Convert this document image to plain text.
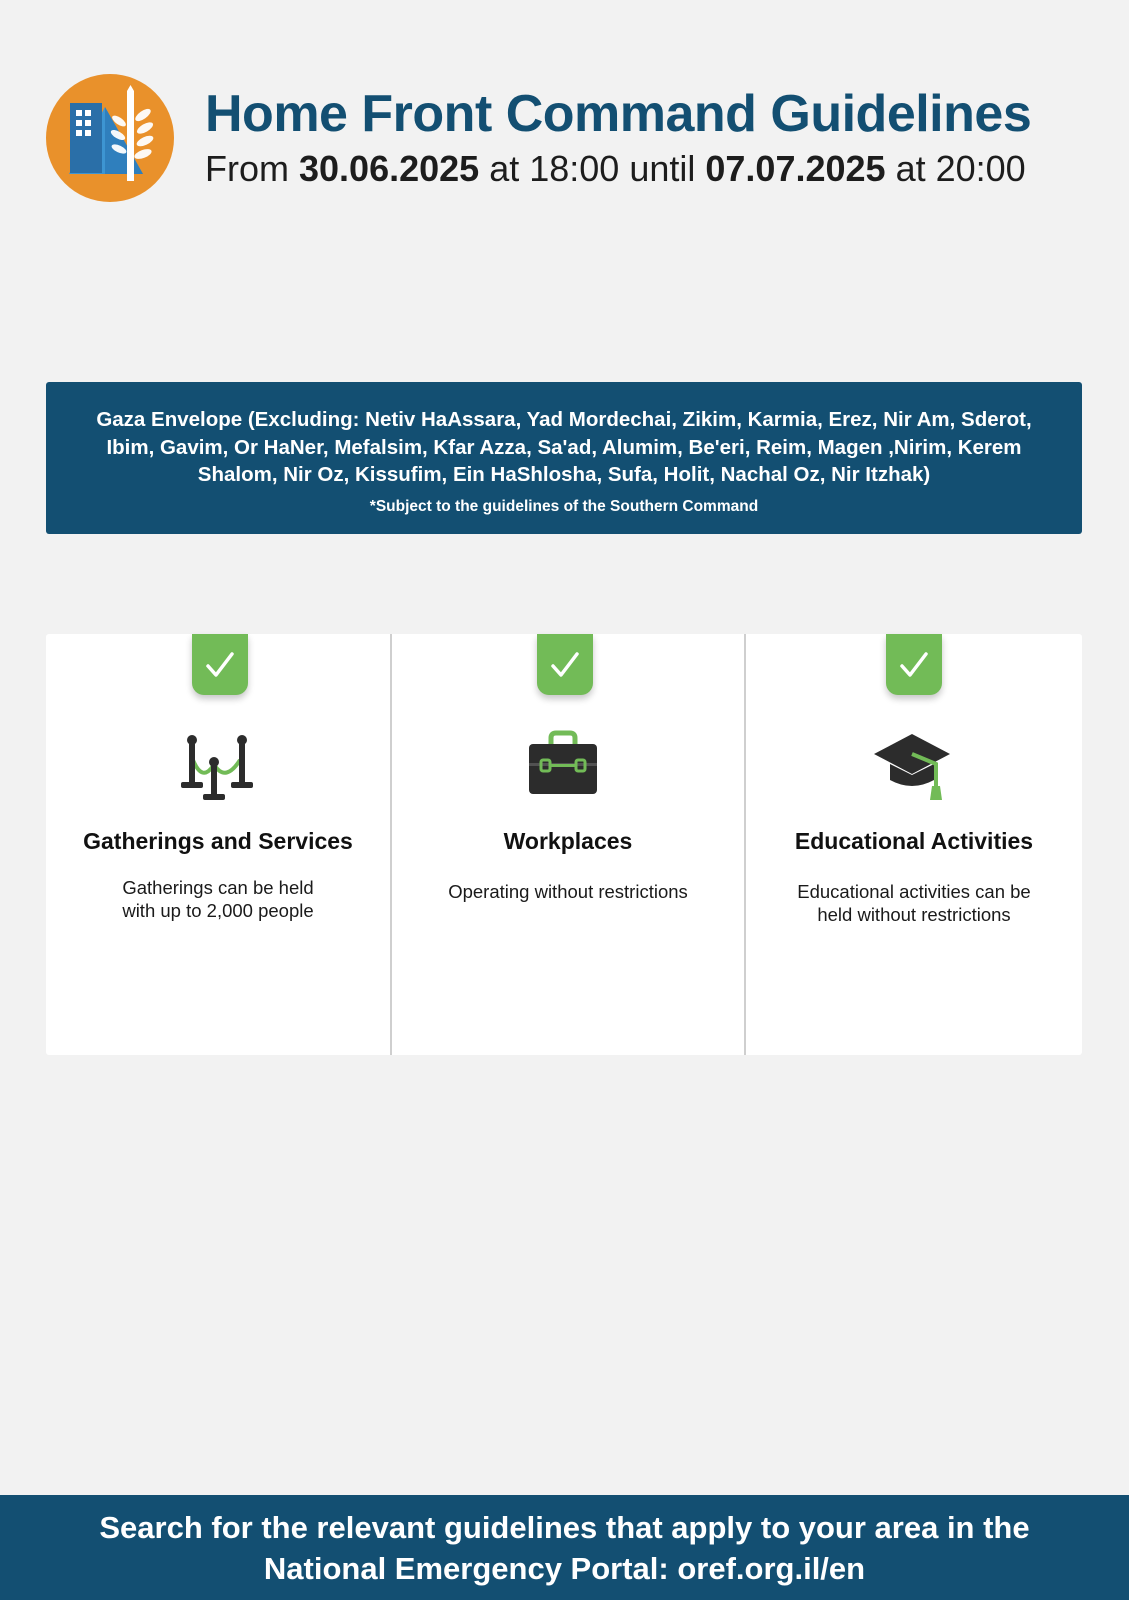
Home Front Command Guidelines
From 30.06.2025 at 18:00 until 07.07.2025 at 20:00
Gaza Envelope (Excluding: Netiv HaAssara, Yad Mordechai, Zikim, Karmia, Erez, Nir Am, Sderot, Ibim, Gavim, Or HaNer, Mefalsim, Kfar Azza, Sa'ad, Alumim, Be'eri, Reim, Magen ,Nirim, Kerem Shalom, Nir Oz, Kissufim, Ein HaShlosha, Sufa, Holit, Nachal Oz, Nir Itzhak)
*Subject to the guidelines of the Southern Command
Gatherings and Services
Gatherings can be held
with up to 2,000 people
Workplaces
Operating without restrictions
Educational Activities
Educational activities can be
held without restrictions
Search for the relevant guidelines that apply to your area in the
National Emergency Portal: oref.org.il/en
